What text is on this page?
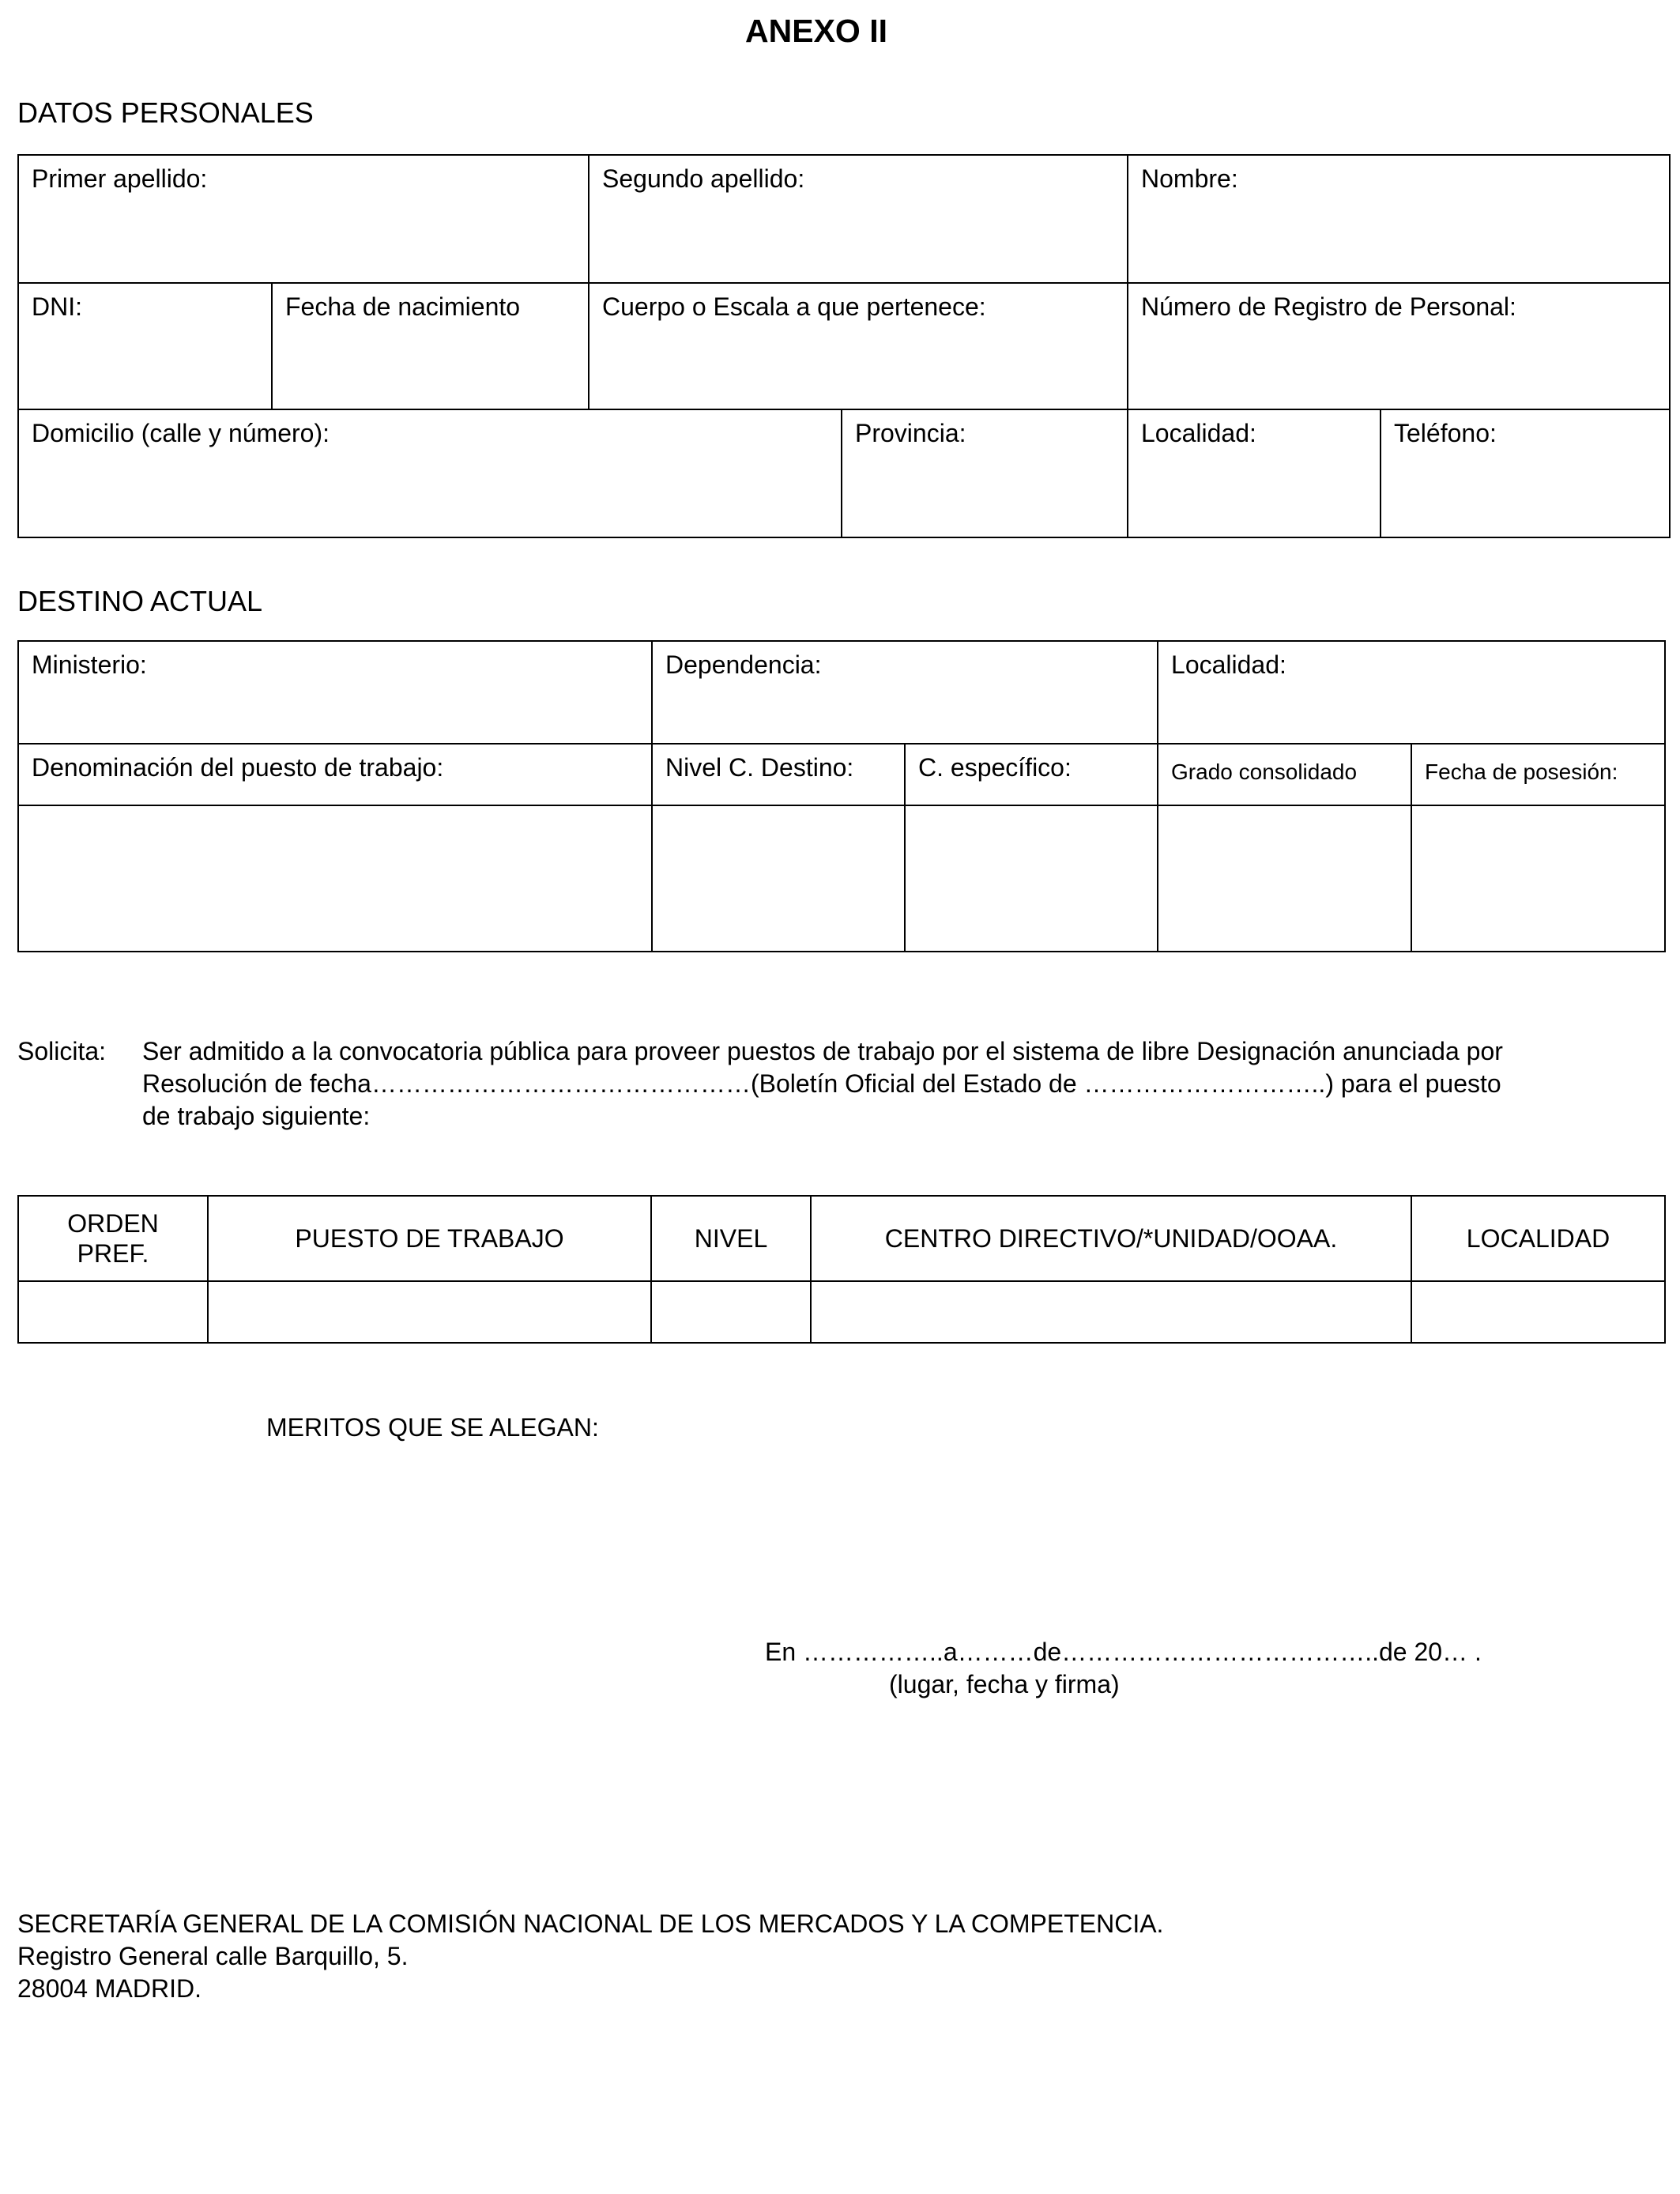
ANEXO II
DATOS PERSONALES
Primer apellido:		Segundo apellido:		Nombre:	
DNI:	Fecha de nacimiento	Cuerpo o Escala a que pertenece:		Número de Registro de Personal:	
Domicilio (calle y número):			Provincia:	Localidad:	Teléfono:
DESTINO ACTUAL
Ministerio:	Dependencia:		Localidad:	
Denominación del puesto de trabajo:	Nivel C. Destino:	C. específico:	Grado consolidado	Fecha de posesión:

Solicita: Ser admitido a la convocatoria pública para proveer puestos de trabajo por el sistema de libre Designación anunciada por
Resolución de fecha………………………………………(Boletín Oficial del Estado de ………………………..) para el puesto
de trabajo siguiente:
ORDEN
PREF.	PUESTO DE TRABAJO	NIVEL	CENTRO DIRECTIVO/*UNIDAD/OOAA.	LOCALIDAD

MERITOS QUE SE ALEGAN:
En ……………..a………de………………………………..de 20… .
(lugar, fecha y firma)
SECRETARÍA GENERAL DE LA COMISIÓN NACIONAL DE LOS MERCADOS Y LA COMPETENCIA.
Registro General calle Barquillo, 5.
28004 MADRID.
